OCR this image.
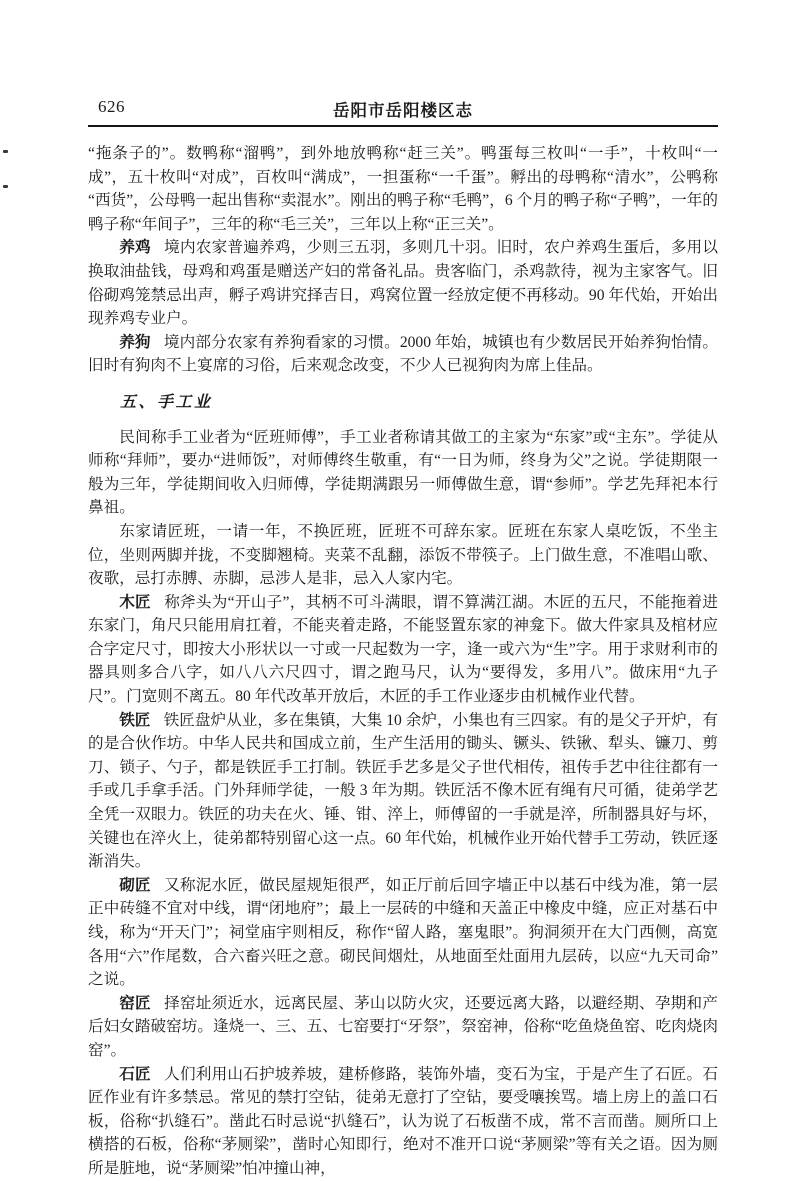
626	岳阳市岳阳楼区志

“拖条子的”。数鸭称“溜鸭”，到外地放鸭称“赶三关”。鸭蛋每三枚叫“一手”，十枚叫“一成”，五十枚叫“对成”，百枚叫“满成”，一担蛋称“一千蛋”。孵出的母鸭称“清水”，公鸭称“西货”，公母鸭一起出售称“卖混水”。刚出的鸭子称“毛鸭”，6 个月的鸭子称“子鸭”，一年的鸭子称“年间子”，三年的称“毛三关”，三年以上称“正三关”。

养鸡 境内农家普遍养鸡，少则三五羽，多则几十羽。旧时，农户养鸡生蛋后，多用以换取油盐钱，母鸡和鸡蛋是赠送产妇的常备礼品。贵客临门，杀鸡款待，视为主家客气。旧俗砌鸡笼禁忌出声，孵子鸡讲究择吉日，鸡窝位置一经放定便不再移动。90 年代始，开始出现养鸡专业户。

养狗 境内部分农家有养狗看家的习惯。2000 年始，城镇也有少数居民开始养狗怡情。旧时有狗肉不上宴席的习俗，后来观念改变，不少人已视狗肉为席上佳品。

五、手工业

民间称手工业者为“匠班师傅”，手工业者称请其做工的主家为“东家”或“主东”。学徒从师称“拜师”，要办“进师饭”，对师傅终生敬重，有“一日为师，终身为父”之说。学徒期限一般为三年，学徒期间收入归师傅，学徒期满跟另一师傅做生意，谓“参师”。学艺先拜祀本行鼻祖。

东家请匠班，一请一年，不换匠班，匠班不可辞东家。匠班在东家人桌吃饭，不坐主位，坐则两脚并拢，不变脚翘椅。夹菜不乱翻，添饭不带筷子。上门做生意，不准唱山歌、夜歌，忌打赤膊、赤脚，忌涉人是非，忌入人家内宅。

木匠 称斧头为“开山子”，其柄不可斗满眼，谓不算满江湖。木匠的五尺，不能拖着进东家门，角尺只能用肩扛着，不能夹着走路，不能竖置东家的神龛下。做大件家具及棺材应合字定尺寸，即按大小形状以一寸或一尺起数为一字，逢一或六为“生”字。用于求财利市的器具则多合八字，如八八六尺四寸，谓之跑马尺，认为“要得发，多用八”。做床用“九子尺”。门宽则不离五。80 年代改革开放后，木匠的手工作业逐步由机械作业代替。

铁匠 铁匠盘炉从业，多在集镇，大集 10 余炉，小集也有三四家。有的是父子开炉，有的是合伙作坊。中华人民共和国成立前，生产生活用的锄头、镢头、铁锹、犁头、镰刀、剪刀、锁子、勺子，都是铁匠手工打制。铁匠手艺多是父子世代相传，祖传手艺中往往都有一手或几手拿手活。门外拜师学徒，一般 3 年为期。铁匠活不像木匠有绳有尺可循，徒弟学艺全凭一双眼力。铁匠的功夫在火、锤、钳、淬上，师傅留的一手就是淬，所制器具好与坏，关键也在淬火上，徒弟都特别留心这一点。60 年代始，机械作业开始代替手工劳动，铁匠逐渐消失。

砌匠 又称泥水匠，做民屋规矩很严，如正厅前后回字墙正中以基石中线为准，第一层正中砖缝不宜对中线，谓“闭地府”；最上一层砖的中缝和天盖正中橡皮中缝，应正对基石中线，称为“开天门”；祠堂庙宇则相反，称作“留人路，塞鬼眼”。狗洞须开在大门西侧，高宽各用“六”作尾数，合六畜兴旺之意。砌民间烟灶，从地面至灶面用九层砖，以应“九天司命”之说。

窑匠 择窑址须近水，远离民屋、茅山以防火灾，还要远离大路，以避经期、孕期和产后妇女踏破窑坊。逢烧一、三、五、七窑要打“牙祭”，祭窑神，俗称“吃鱼烧鱼窑、吃肉烧肉窑”。

石匠 人们利用山石护坡养坡，建桥修路，装饰外墙，变石为宝，于是产生了石匠。石匠作业有许多禁忌。常见的禁打空钻，徒弟无意打了空钻，要受嚷挨骂。墙上房上的盖口石板，俗称“扒缝石”。凿此石时忌说“扒缝石”，认为说了石板凿不成，常不言而凿。厕所口上横搭的石板，俗称“茅厕梁”，凿时心知即行，绝对不准开口说“茅厕梁”等有关之语。因为厕所是脏地，说“茅厕梁”怕冲撞山神，
